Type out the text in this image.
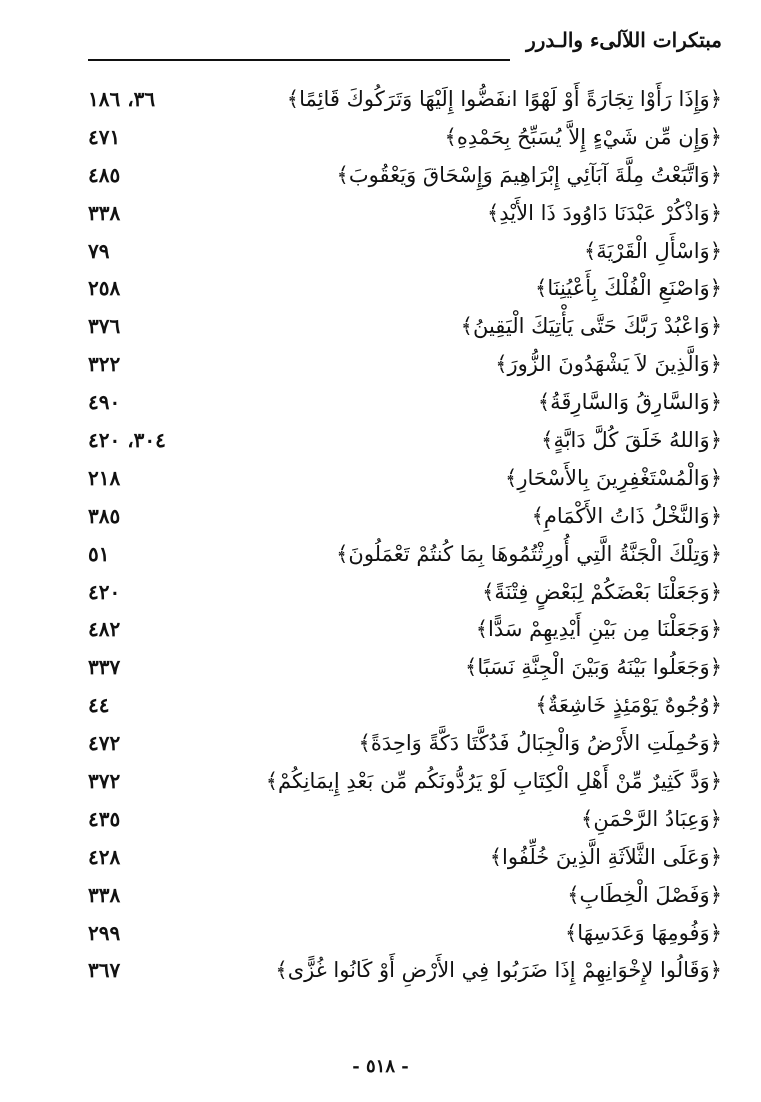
مبتكرات اللآلىء والـدرر
﴿وَإِذَا رَأَوْا تِجَارَةً أَوْ لَهْوًا انفَضُّوا إِلَيْهَا وَتَرَكُوكَ قَائِمًا﴾
٣٦، ١٨٦
﴿وَإِن مِّن شَيْءٍ إِلاَّ يُسَبِّحُ بِحَمْدِهِ﴾
٤٧١
﴿وَاتَّبَعْتُ مِلَّةَ آبَآئِي إِبْرَاهِيمَ وَإِسْحَاقَ وَيَعْقُوبَ﴾
٤٨٥
﴿وَاذْكُرْ عَبْدَنَا دَاوُودَ ذَا الأَيْدِ﴾
٣٣٨
﴿وَاسْأَلِ الْقَرْيَةَ﴾
٧٩
﴿وَاصْنَعِ الْفُلْكَ بِأَعْيُنِنَا﴾
٢٥٨
﴿وَاعْبُدْ رَبَّكَ حَتَّى يَأْتِيَكَ الْيَقِينُ﴾
٣٧٦
﴿وَالَّذِينَ لاَ يَشْهَدُونَ الزُّورَ﴾
٣٢٢
﴿وَالسَّارِقُ وَالسَّارِقَةُ﴾
٤٩٠
﴿وَاللهُ خَلَقَ كُلَّ دَابَّةٍ﴾
٣٠٤، ٤٢٠
﴿وَالْمُسْتَغْفِرِينَ بِالأَسْحَارِ﴾
٢١٨
﴿وَالنَّخْلُ ذَاتُ الأَكْمَامِ﴾
٣٨٥
﴿وَتِلْكَ الْجَنَّةُ الَّتِي أُورِثْتُمُوهَا بِمَا كُنتُمْ تَعْمَلُونَ﴾
٥١
﴿وَجَعَلْنَا بَعْضَكُمْ لِبَعْضٍ فِتْنَةً﴾
٤٢٠
﴿وَجَعَلْنَا مِن بَيْنِ أَيْدِيهِمْ سَدًّا﴾
٤٨٢
﴿وَجَعَلُوا بَيْنَهُ وَبَيْنَ الْجِنَّةِ نَسَبًا﴾
٣٣٧
﴿وُجُوهٌ يَوْمَئِذٍ خَاشِعَةٌ﴾
٤٤
﴿وَحُمِلَتِ الأَرْضُ وَالْجِبَالُ فَدُكَّتَا دَكَّةً وَاحِدَةً﴾
٤٧٢
﴿وَدَّ كَثِيرٌ مِّنْ أَهْلِ الْكِتَابِ لَوْ يَرُدُّونَكُم مِّن بَعْدِ إِيمَانِكُمْ﴾
٣٧٢
﴿وَعِبَادُ الرَّحْمَنِ﴾
٤٣٥
﴿وَعَلَى الثَّلاَثَةِ الَّذِينَ خُلِّفُوا﴾
٤٢٨
﴿وَفَصْلَ الْخِطَابِ﴾
٣٣٨
﴿وَفُومِهَا وَعَدَسِهَا﴾
٢٩٩
﴿وَقَالُوا لإِخْوَانِهِمْ إِذَا ضَرَبُوا فِي الأَرْضِ أَوْ كَانُوا غُزًّى﴾
٣٦٧
- ٥١٨ -
